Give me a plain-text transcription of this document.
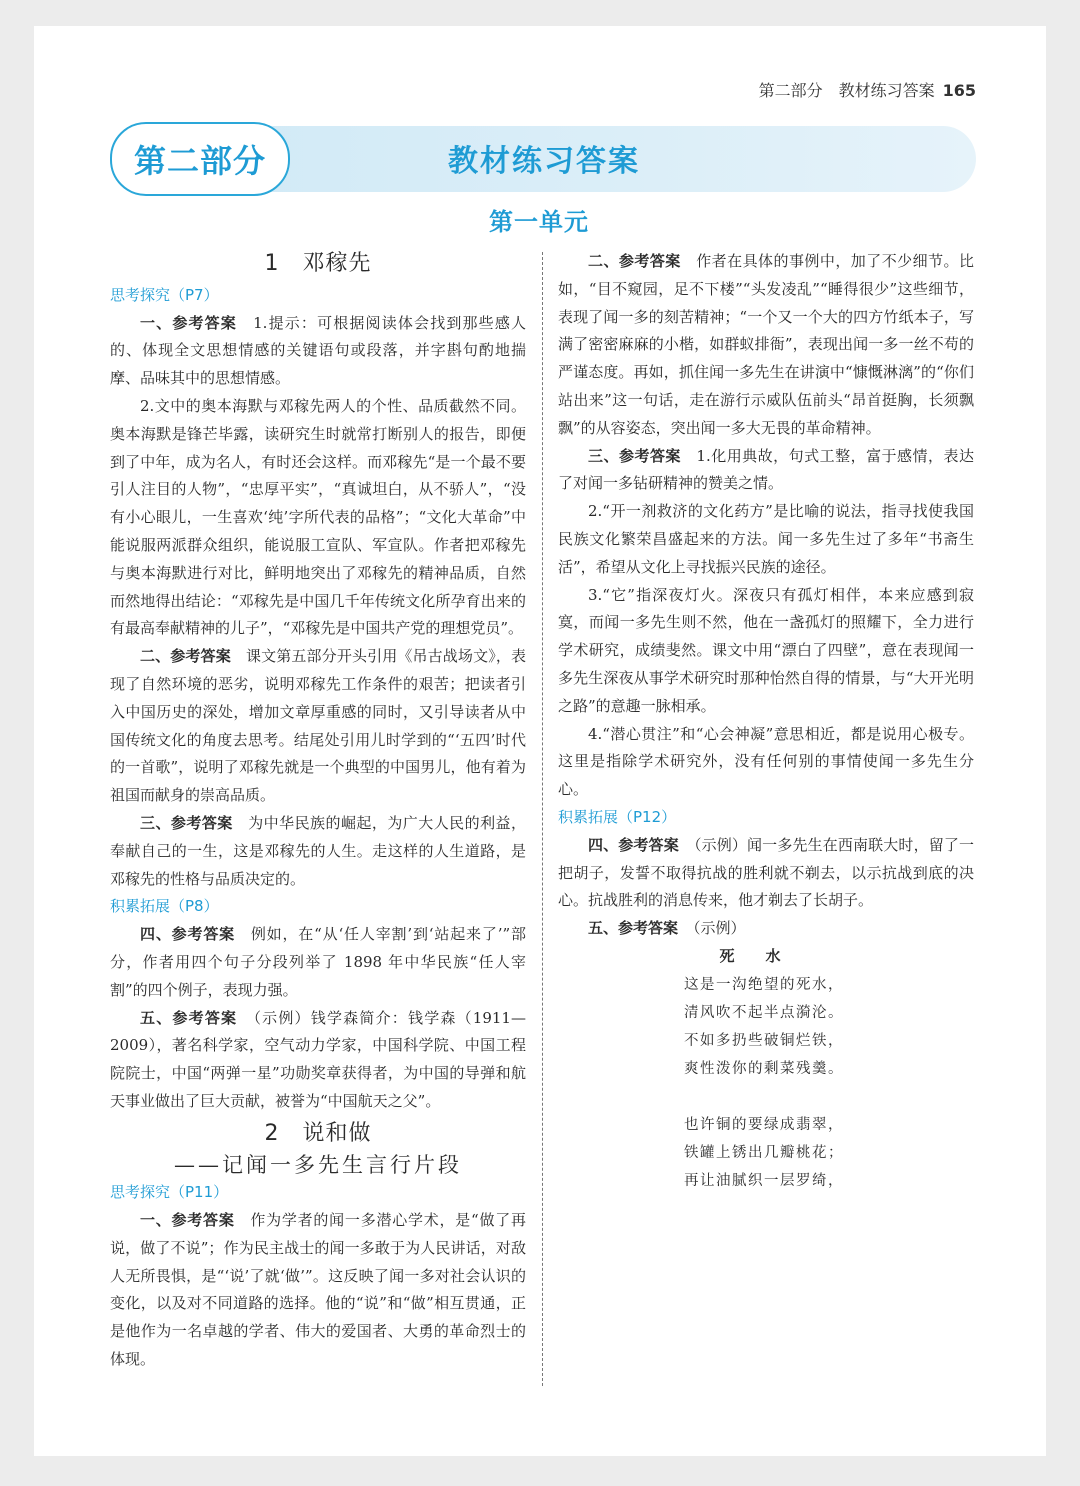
第二部分　教材练习答案 165
第二部分	教材练习答案
第一单元
1　邓稼先
思考探究（P7）

一、参考答案　1.提示：可根据阅读体会找到那些感人的、体现全文思想情感的关键语句或段落，并字斟句酌地揣摩、品味其中的思想情感。

2.文中的奥本海默与邓稼先两人的个性、品质截然不同。奥本海默是锋芒毕露，读研究生时就常打断别人的报告，即便到了中年，成为名人，有时还会这样。而邓稼先“是一个最不要引人注目的人物”，“忠厚平实”，“真诚坦白，从不骄人”，“没有小心眼儿，一生喜欢‘纯’字所代表的品格”；“文化大革命”中能说服两派群众组织，能说服工宣队、军宣队。作者把邓稼先与奥本海默进行对比，鲜明地突出了邓稼先的精神品质，自然而然地得出结论：“邓稼先是中国几千年传统文化所孕育出来的有最高奉献精神的儿子”，“邓稼先是中国共产党的理想党员”。

二、参考答案　课文第五部分开头引用《吊古战场文》，表现了自然环境的恶劣，说明邓稼先工作条件的艰苦；把读者引入中国历史的深处，增加文章厚重感的同时，又引导读者从中国传统文化的角度去思考。结尾处引用儿时学到的“‘五四’时代的一首歌”，说明了邓稼先就是一个典型的中国男儿，他有着为祖国而献身的崇高品质。

三、参考答案　为中华民族的崛起，为广大人民的利益，奉献自己的一生，这是邓稼先的人生。走这样的人生道路，是邓稼先的性格与品质决定的。

积累拓展（P8）

四、参考答案　例如，在“从‘任人宰割’到‘站起来了’”部分，作者用四个句子分段列举了 1898 年中华民族“任人宰割”的四个例子，表现力强。

五、参考答案　（示例）钱学森简介：钱学森（1911—2009），著名科学家，空气动力学家，中国科学院、中国工程院院士，中国“两弹一星”功勋奖章获得者，为中国的导弹和航天事业做出了巨大贡献，被誉为“中国航天之父”。

2　说和做
——记闻一多先生言行片段
思考探究（P11）

一、参考答案　作为学者的闻一多潜心学术，是“做了再说，做了不说”；作为民主战士的闻一多敢于为人民讲话，对敌人无所畏惧，是“‘说’了就‘做’”。这反映了闻一多对社会认识的变化，以及对不同道路的选择。他的“说”和“做”相互贯通，正是他作为一名卓越的学者、伟大的爱国者、大勇的革命烈士的体现。

二、参考答案　作者在具体的事例中，加了不少细节。比如，“目不窥园，足不下楼”“头发凌乱”“睡得很少”这些细节，表现了闻一多的刻苦精神；“一个又一个大的四方竹纸本子，写满了密密麻麻的小楷，如群蚁排衙”，表现出闻一多一丝不苟的严谨态度。再如，抓住闻一多先生在讲演中“慷慨淋漓”的“你们站出来”这一句话，走在游行示威队伍前头“昂首挺胸，长须飘飘”的从容姿态，突出闻一多大无畏的革命精神。

三、参考答案　1.化用典故，句式工整，富于感情，表达了对闻一多钻研精神的赞美之情。

2.“开一剂救济的文化药方”是比喻的说法，指寻找使我国民族文化繁荣昌盛起来的方法。闻一多先生过了多年“书斋生活”，希望从文化上寻找振兴民族的途径。

3.“它”指深夜灯火。深夜只有孤灯相伴，本来应感到寂寞，而闻一多先生则不然，他在一盏孤灯的照耀下，全力进行学术研究，成绩斐然。课文中用“漂白了四壁”，意在表现闻一多先生深夜从事学术研究时那种怡然自得的情景，与“大开光明之路”的意趣一脉相承。

4.“潜心贯注”和“心会神凝”意思相近，都是说用心极专。这里是指除学术研究外，没有任何别的事情使闻一多先生分心。

积累拓展（P12）

四、参考答案　（示例）闻一多先生在西南联大时，留了一把胡子，发誓不取得抗战的胜利就不剃去，以示抗战到底的决心。抗战胜利的消息传来，他才剃去了长胡子。

五、参考答案　（示例）

死　水

这是一沟绝望的死水，
清风吹不起半点漪沦。
不如多扔些破铜烂铁，
爽性泼你的剩菜残羹。
也许铜的要绿成翡翠，
铁罐上锈出几瓣桃花；
再让油腻织一层罗绮，
